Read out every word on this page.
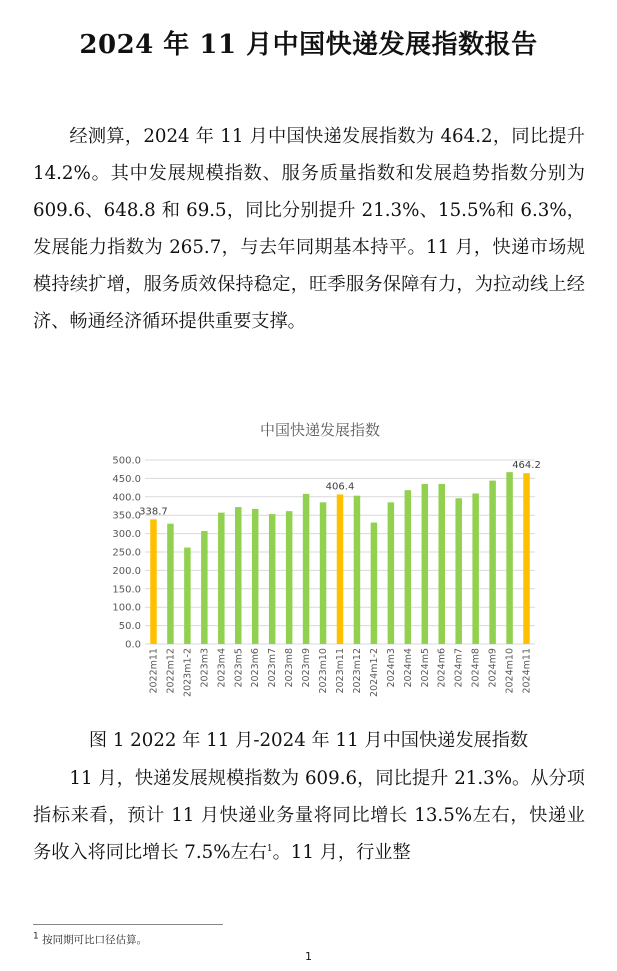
2024 年 11 月中国快递发展指数报告

经测算，2024 年 11 月中国快递发展指数为 464.2，同比提升 14.2%。其中发展规模指数、服务质量指数和发展趋势指数分别为 609.6、648.8 和 69.5，同比分别提升 21.3%、15.5%和 6.3%，发展能力指数为 265.7，与去年同期基本持平。11 月，快递市场规模持续扩增，服务质效保持稳定，旺季服务保障有力，为拉动线上经济、畅通经济循环提供重要支撑。

中国快递发展指数
0.0
50.0
100.0
150.0
200.0
250.0
300.0
350.0
400.0
450.0
500.0
338.7
406.4
464.2
2022m11 2022m12 2023m1-2 2023m3 2023m4 2023m5 2023m6 2023m7 2023m8 2023m9 2023m10 2023m11 2023m12 2024m1-2 2024m3 2024m4 2024m5 2024m6 2024m7 2024m8 2024m9 2024m10 2024m11
图 1 2022 年 11 月-2024 年 11 月中国快递发展指数

11 月，快递发展规模指数为 609.6，同比提升 21.3%。从分项指标来看，预计 11 月快递业务量将同比增长 13.5%左右，快递业务收入将同比增长 7.5%左右$^1$。11 月，行业整

$^1$ 按同期可比口径估算。
1
